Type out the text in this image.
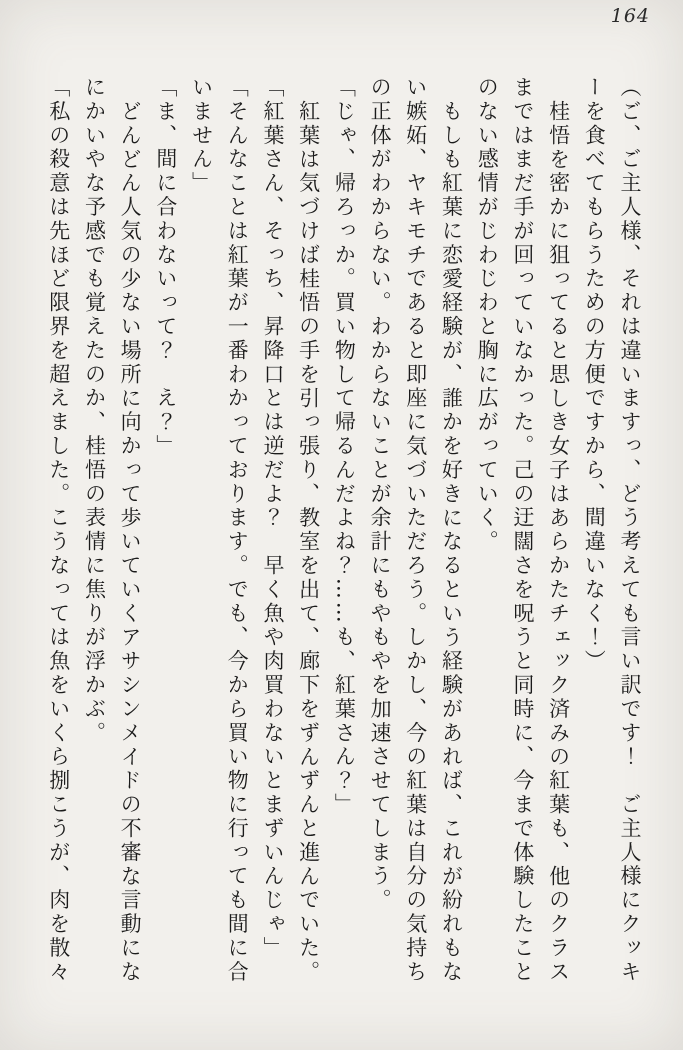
164

（ご、ご主人様、それは違いますっ、どう考えても言い訳です！　ご主人様にクッキーを食べてもらうための方便ですから、間違いなく！）

桂悟を密かに狙ってると思しき女子はあらかたチェック済みの紅葉も、他のクラスまではまだ手が回っていなかった。己の迂闊さを呪うと同時に、今まで体験したことのない感情がじわじわと胸に広がっていく。

もしも紅葉に恋愛経験が、誰かを好きになるという経験があれば、これが紛れもない嫉妬、ヤキモチであると即座に気づいただろう。しかし、今の紅葉は自分の気持ちの正体がわからない。わからないことが余計にもやもやを加速させてしまう。

「じゃ、帰ろっか。買い物して帰るんだよね？……も、紅葉さん？」

紅葉は気づけば桂悟の手を引っ張り、教室を出て、廊下をずんずんと進んでいた。

「紅葉さん、そっち、昇降口とは逆だよ？　早く魚や肉買わないとまずいんじゃ」

「そんなことは紅葉が一番わかっております。でも、今から買い物に行っても間に合いません」

「ま、間に合わないって？　え？」

どんどん人気の少ない場所に向かって歩いていくアサシンメイドの不審な言動になにかいやな予感でも覚えたのか、桂悟の表情に焦りが浮かぶ。

「私の殺意は先ほど限界を超えました。こうなっては魚をいくら捌こうが、肉を散々
